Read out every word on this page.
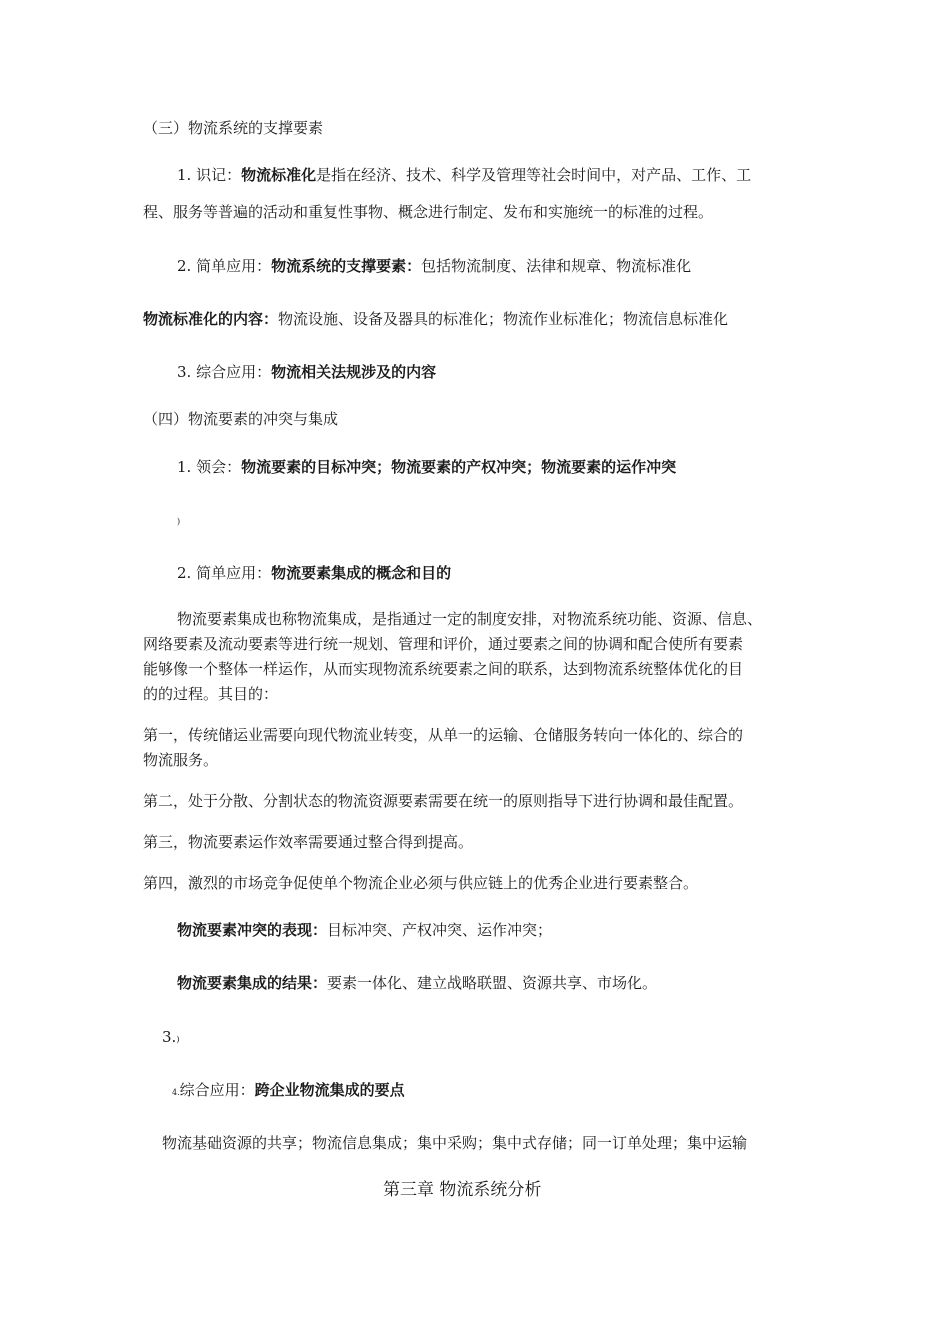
（三）物流系统的支撑要素
1. 识记：物流标准化是指在经济、技术、科学及管理等社会时间中，对产品、工作、工
程、服务等普遍的活动和重复性事物、概念进行制定、发布和实施统一的标准的过程。
2. 简单应用：物流系统的支撑要素：包括物流制度、法律和规章、物流标准化
物流标准化的内容：物流设施、设备及器具的标准化；物流作业标准化；物流信息标准化
3. 综合应用：物流相关法规涉及的内容
（四）物流要素的冲突与集成
1. 领会：物流要素的目标冲突；物流要素的产权冲突；物流要素的运作冲突
)
2. 简单应用：物流要素集成的概念和目的
物流要素集成也称物流集成，是指通过一定的制度安排，对物流系统功能、资源、信息、
网络要素及流动要素等进行统一规划、管理和评价，通过要素之间的协调和配合使所有要素
能够像一个整体一样运作，从而实现物流系统要素之间的联系，达到物流系统整体优化的目
的的过程。其目的：
第一，传统储运业需要向现代物流业转变，从单一的运输、仓储服务转向一体化的、综合的
物流服务。
第二，处于分散、分割状态的物流资源要素需要在统一的原则指导下进行协调和最佳配置。
第三，物流要素运作效率需要通过整合得到提高。
第四，激烈的市场竞争促使单个物流企业必须与供应链上的优秀企业进行要素整合。
物流要素冲突的表现：目标冲突、产权冲突、运作冲突；
物流要素集成的结果：要素一体化、建立战略联盟、资源共享、市场化。
3.)
4.综合应用：跨企业物流集成的要点
物流基础资源的共享；物流信息集成；集中采购；集中式存储；同一订单处理；集中运输
第三章 物流系统分析
